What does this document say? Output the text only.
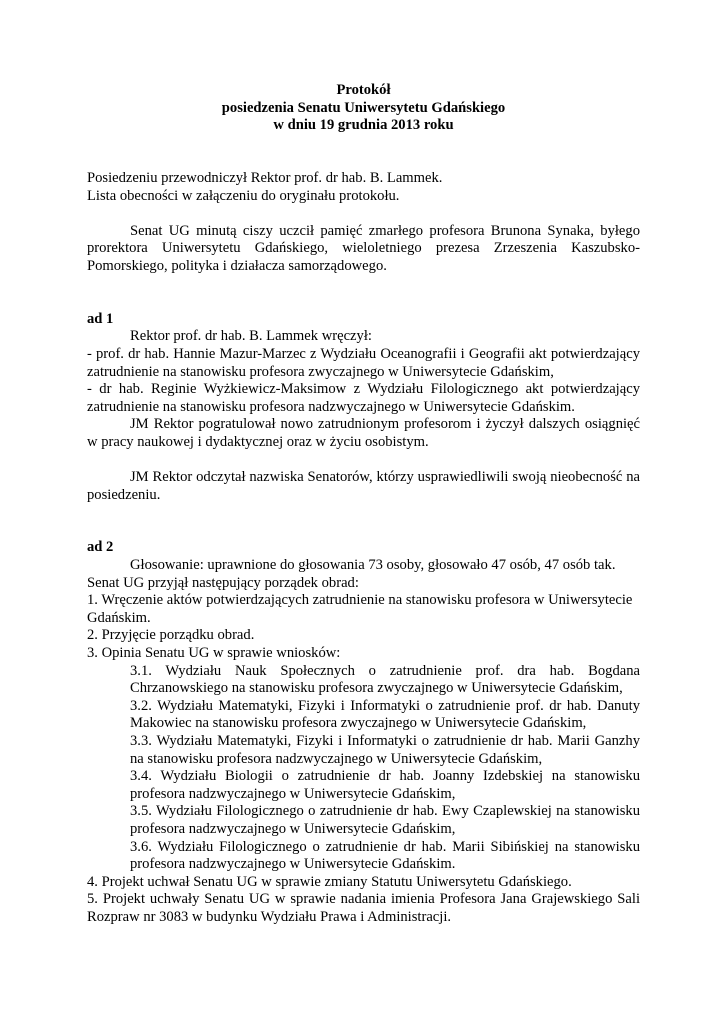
Protokół
posiedzenia Senatu Uniwersytetu Gdańskiego
w dniu 19 grudnia 2013 roku

Posiedzeniu przewodniczył Rektor prof. dr hab. B. Lammek.

Lista obecności w załączeniu do oryginału protokołu.

Senat UG minutą ciszy uczcił pamięć zmarłego profesora Brunona Synaka, byłego prorektora Uniwersytetu Gdańskiego, wieloletniego prezesa Zrzeszenia Kaszubsko-Pomorskiego, polityka i działacza samorządowego.

ad 1

Rektor prof. dr hab. B. Lammek wręczył:

- prof. dr hab. Hannie Mazur-Marzec z Wydziału Oceanografii i Geografii akt potwierdzający zatrudnienie na stanowisku profesora zwyczajnego w Uniwersytecie Gdańskim,

- dr hab. Reginie Wyżkiewicz-Maksimow z Wydziału Filologicznego akt potwierdzający zatrudnienie na stanowisku profesora nadzwyczajnego w Uniwersytecie Gdańskim.

JM Rektor pogratulował nowo zatrudnionym profesorom i życzył dalszych osiągnięć w pracy naukowej i dydaktycznej oraz w życiu osobistym.

JM Rektor odczytał nazwiska Senatorów, którzy usprawiedliwili swoją nieobecność na posiedzeniu.

ad 2

Głosowanie: uprawnione do głosowania 73 osoby, głosowało 47 osób, 47 osób tak.

Senat UG przyjął następujący porządek obrad:

1. Wręczenie aktów potwierdzających zatrudnienie na stanowisku profesora w Uniwersytecie Gdańskim.

2. Przyjęcie porządku obrad.

3. Opinia Senatu UG w sprawie wniosków:

3.1. Wydziału Nauk Społecznych o zatrudnienie prof. dra hab. Bogdana Chrzanowskiego na stanowisku profesora zwyczajnego w Uniwersytecie Gdańskim,

3.2. Wydziału Matematyki, Fizyki i Informatyki o zatrudnienie prof. dr hab. Danuty Makowiec na stanowisku profesora zwyczajnego w Uniwersytecie Gdańskim,

3.3. Wydziału Matematyki, Fizyki i Informatyki o zatrudnienie dr hab. Marii Ganzhy na stanowisku profesora nadzwyczajnego w Uniwersytecie Gdańskim,

3.4. Wydziału Biologii o zatrudnienie dr hab. Joanny Izdebskiej na stanowisku profesora nadzwyczajnego w Uniwersytecie Gdańskim,

3.5. Wydziału Filologicznego o zatrudnienie dr hab. Ewy Czaplewskiej na stanowisku profesora nadzwyczajnego w Uniwersytecie Gdańskim,

3.6. Wydziału Filologicznego o zatrudnienie dr hab. Marii Sibińskiej na stanowisku profesora nadzwyczajnego w Uniwersytecie Gdańskim.

4. Projekt uchwał Senatu UG w sprawie zmiany Statutu Uniwersytetu Gdańskiego.

5. Projekt uchwały Senatu UG w sprawie nadania imienia Profesora Jana Grajewskiego Sali Rozpraw nr 3083 w budynku Wydziału Prawa i Administracji.
